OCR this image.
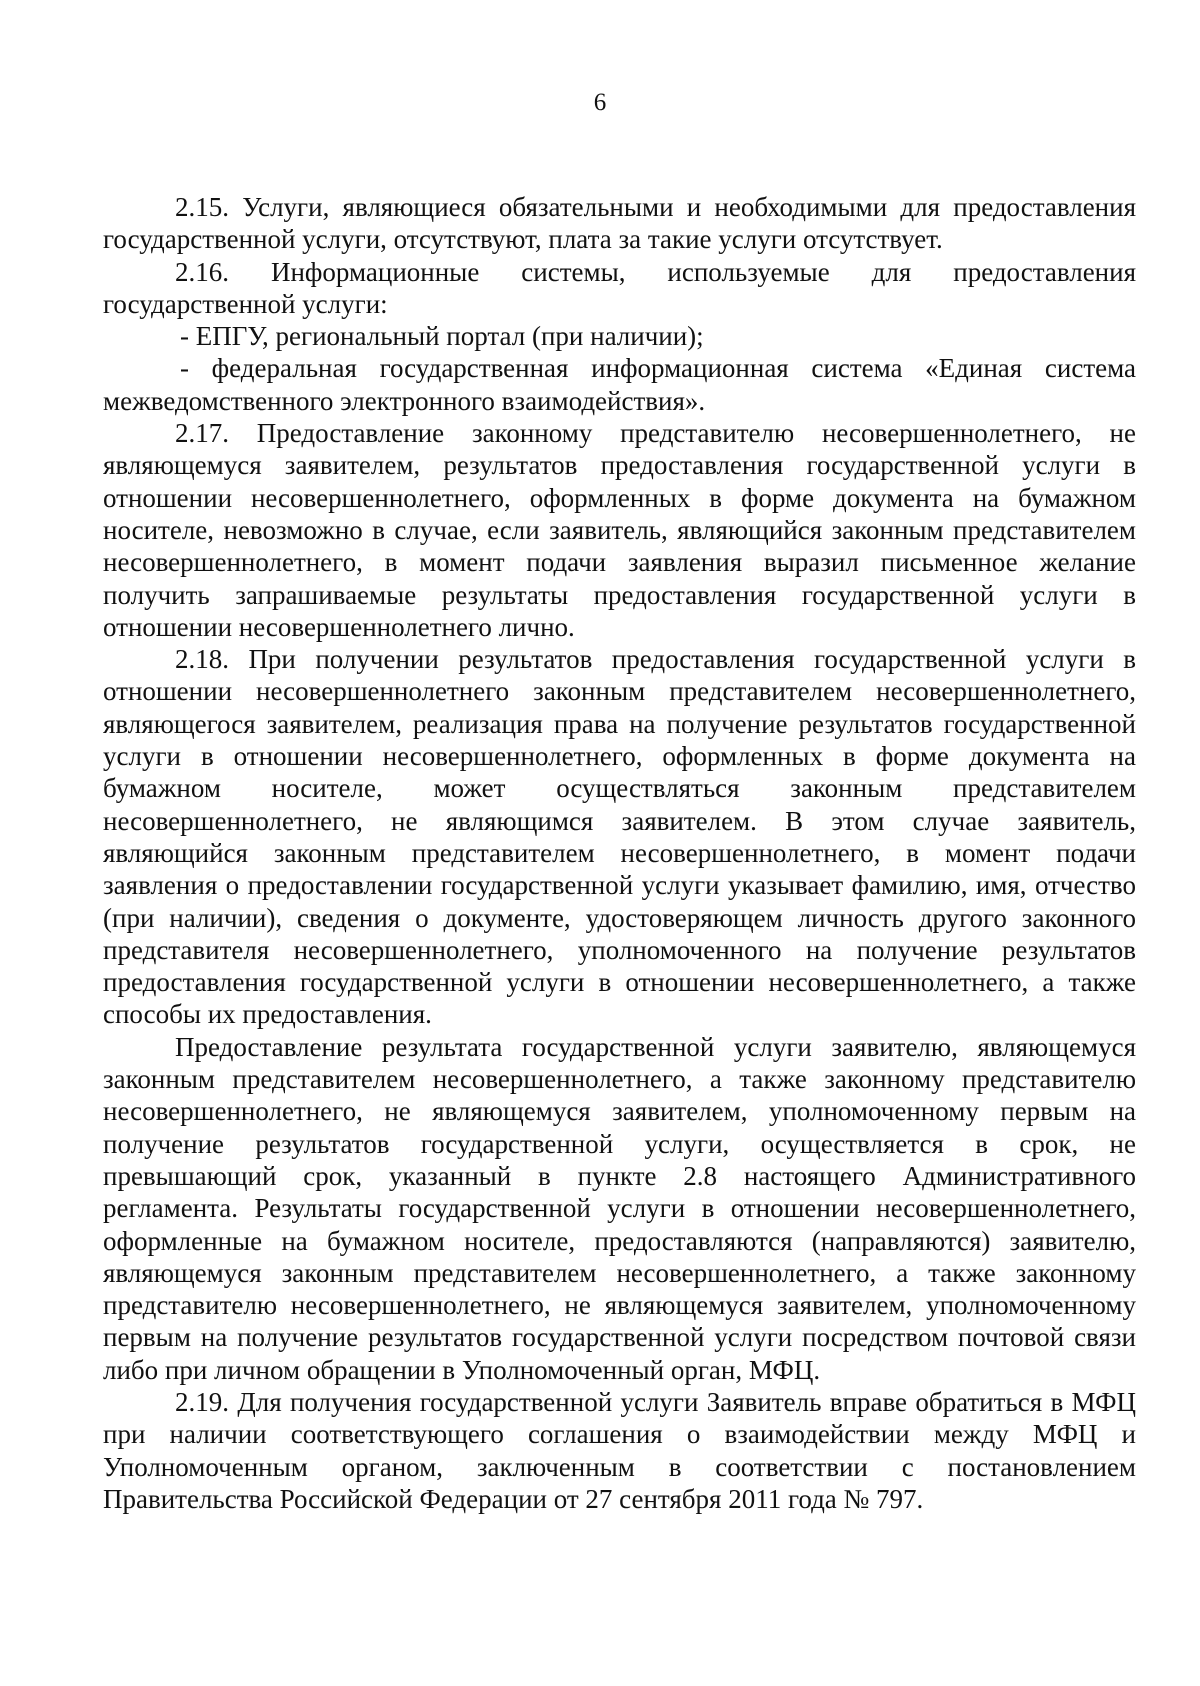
6

2.15. Услуги, являющиеся обязательными и необходимыми для предоставления государственной услуги, отсутствуют, плата за такие услуги отсутствует.

2.16. Информационные системы, используемые для предоставления государственной услуги:

- ЕПГУ, региональный портал (при наличии);

- федеральная государственная информационная система «Единая система межведомственного электронного взаимодействия».

2.17. Предоставление законному представителю несовершеннолетнего, не являющемуся заявителем, результатов предоставления государственной услуги в отношении несовершеннолетнего, оформленных в форме документа на бумажном носителе, невозможно в случае, если заявитель, являющийся законным представителем несовершеннолетнего, в момент подачи заявления выразил письменное желание получить запрашиваемые результаты предоставления государственной услуги в отношении несовершеннолетнего лично.

2.18. При получении результатов предоставления государственной услуги в отношении несовершеннолетнего законным представителем несовершеннолетнего, являющегося заявителем, реализация права на получение результатов государственной услуги в отношении несовершеннолетнего, оформленных в форме документа на бумажном носителе, может осуществляться законным представителем несовершеннолетнего, не являющимся заявителем. В этом случае заявитель, являющийся законным представителем несовершеннолетнего, в момент подачи заявления о предоставлении государственной услуги указывает фамилию, имя, отчество (при наличии), сведения о документе, удостоверяющем личность другого законного представителя несовершеннолетнего, уполномоченного на получение результатов предоставления государственной услуги в отношении несовершеннолетнего, а также способы их предоставления.

Предоставление результата государственной услуги заявителю, являющемуся законным представителем несовершеннолетнего, а также законному представителю несовершеннолетнего, не являющемуся заявителем, уполномоченному первым на получение результатов государственной услуги, осуществляется в срок, не превышающий срок, указанный в пункте 2.8 настоящего Административного регламента. Результаты государственной услуги в отношении несовершеннолетнего, оформленные на бумажном носителе, предоставляются (направляются) заявителю, являющемуся законным представителем несовершеннолетнего, а также законному представителю несовершеннолетнего, не являющемуся заявителем, уполномоченному первым на получение результатов государственной услуги посредством почтовой связи либо при личном обращении в Уполномоченный орган, МФЦ.

2.19. Для получения государственной услуги Заявитель вправе обратиться в МФЦ при наличии соответствующего соглашения о взаимодействии между МФЦ и Уполномоченным органом, заключенным в соответствии с постановлением Правительства Российской Федерации от 27 сентября 2011 года № 797.
